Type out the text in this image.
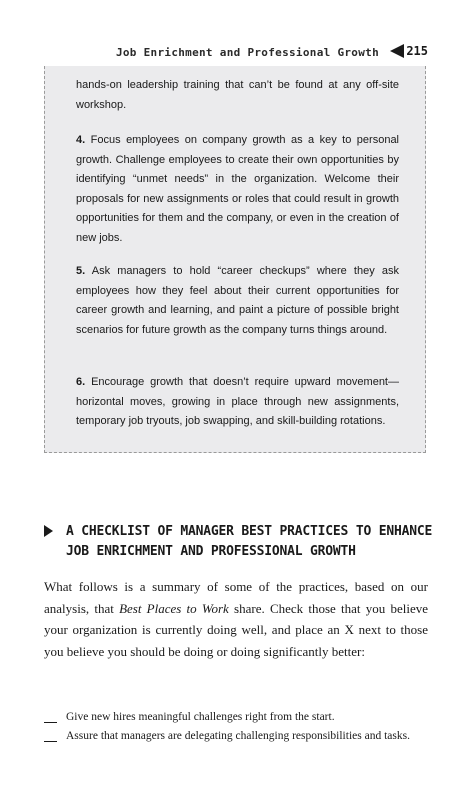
Job Enrichment and Professional Growth 215
hands-on leadership training that can’t be found at any off-site workshop.
4. Focus employees on company growth as a key to personal growth. Challenge employees to create their own opportunities by identifying “unmet needs” in the organization. Welcome their proposals for new assignments or roles that could result in growth opportunities for them and the company, or even in the creation of new jobs.
5. Ask managers to hold “career checkups” where they ask employees how they feel about their current opportunities for career growth and learning, and paint a picture of possible bright scenarios for future growth as the company turns things around.
6. Encourage growth that doesn’t require upward movement—horizontal moves, growing in place through new assignments, temporary job tryouts, job swapping, and skill-building rotations.
A CHECKLIST OF MANAGER BEST PRACTICES TO ENHANCE JOB ENRICHMENT AND PROFESSIONAL GROWTH
What follows is a summary of some of the practices, based on our analysis, that Best Places to Work share. Check those that you believe your organization is currently doing well, and place an X next to those you believe you should be doing or doing significantly better:
Give new hires meaningful challenges right from the start.
Assure that managers are delegating challenging responsibilities and tasks.
